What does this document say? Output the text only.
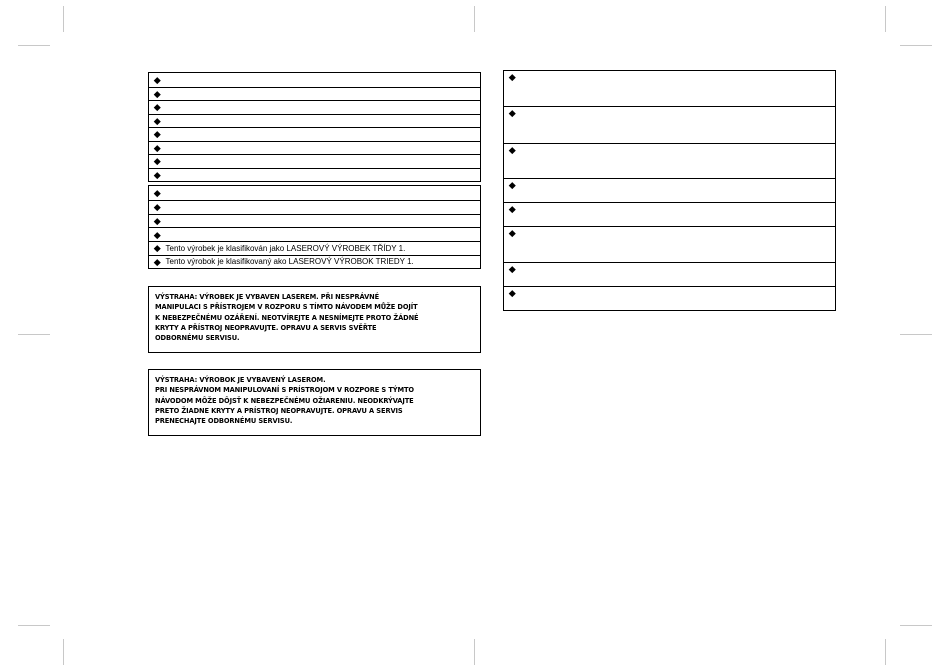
Tento výrobek je klasifikován jako LASEROVÝ VÝROBEK TŘÍDY 1.
Tento výrobok je klasifikovaný ako LASEROVÝ VÝROBOK TRIEDY 1.
VÝSTRAHA: VÝROBEK JE VYBAVEN LASEREM. PŘI NESPRÁVNÉ
MANIPULACI S PŘÍSTROJEM V ROZPORU S TÍMTO NÁVODEM MŮŽE DOJÍT
K NEBEZPEČNÉMU OZÁŘENÍ. NEOTVÍREJTE A NESNÍMEJTE PROTO ŽÁDNÉ
KRYTY A PŘÍSTROJ NEOPRAVUJTE. OPRAVU A SERVIS SVĚŘTE
ODBORNÉMU SERVISU.
VÝSTRAHA: VÝROBOK JE VYBAVENÝ LASEROM.
PRI NESPRÁVNOM MANIPULOVANÍ S PRÍSTROJOM V ROZPORE S TÝMTO
NÁVODOM MÔŽE DÔJSŤ K NEBEZPEČNÉMU OŽIARENIU. NEODKRÝVAJTE
PRETO ŽIADNE KRYTY A PRÍSTROJ NEOPRAVUJTE. OPRAVU A SERVIS
PRENECHAJTE ODBORNÉMU SERVISU.
